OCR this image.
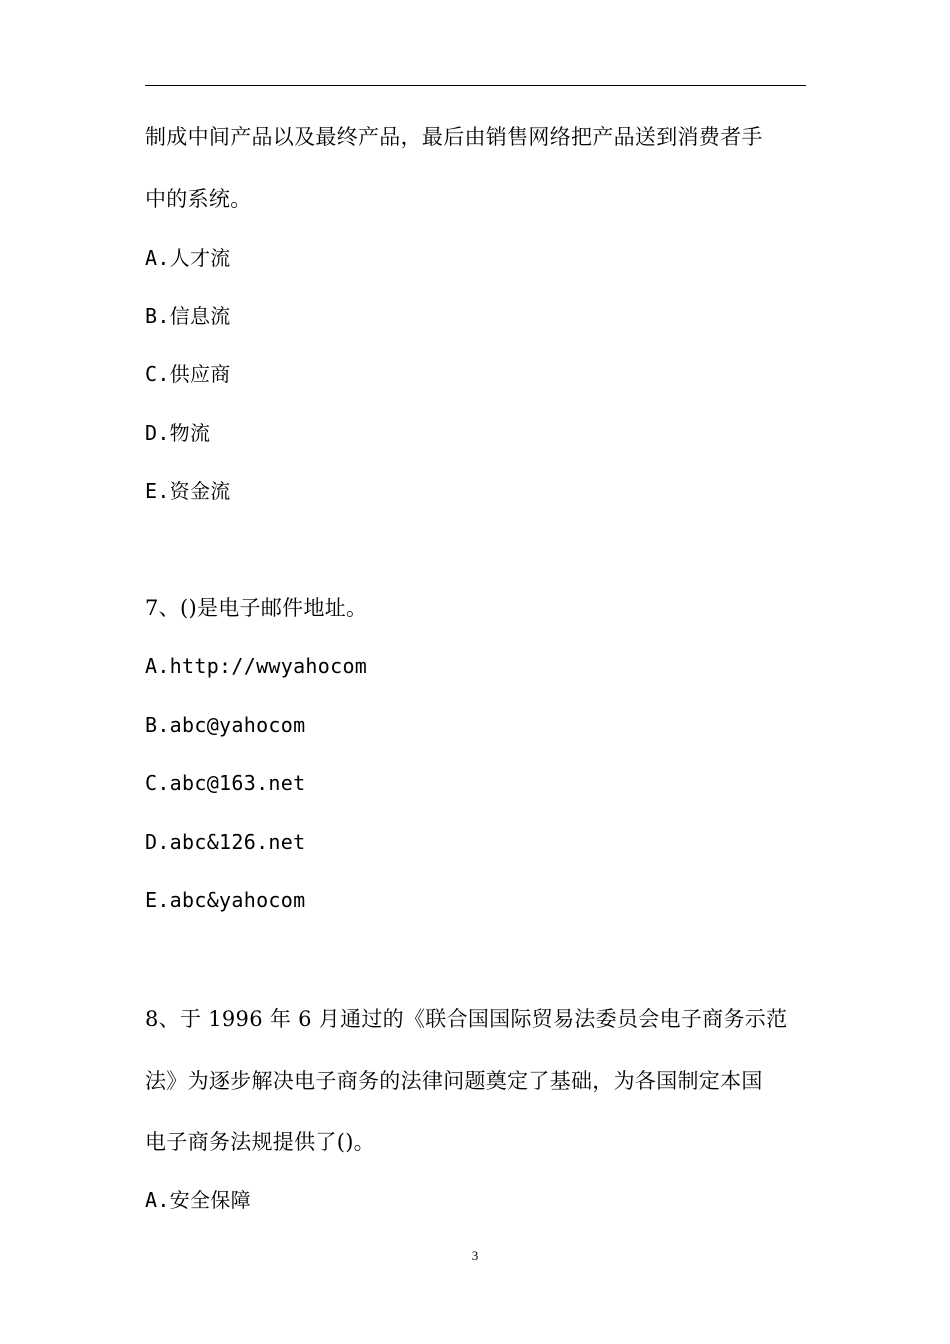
制成中间产品以及最终产品，最后由销售网络把产品送到消费者手
中的系统。
A.人才流
B.信息流
C.供应商
D.物流
E.资金流
7、()是电子邮件地址。
A.http://wwyahocom
B.abc@yahocom
C.abc@163.net
D.abc&126.net
E.abc&yahocom
8、于 1996 年 6 月通过的《联合国国际贸易法委员会电子商务示范
法》为逐步解决电子商务的法律问题奠定了基础，为各国制定本国
电子商务法规提供了()。
A.安全保障
3
